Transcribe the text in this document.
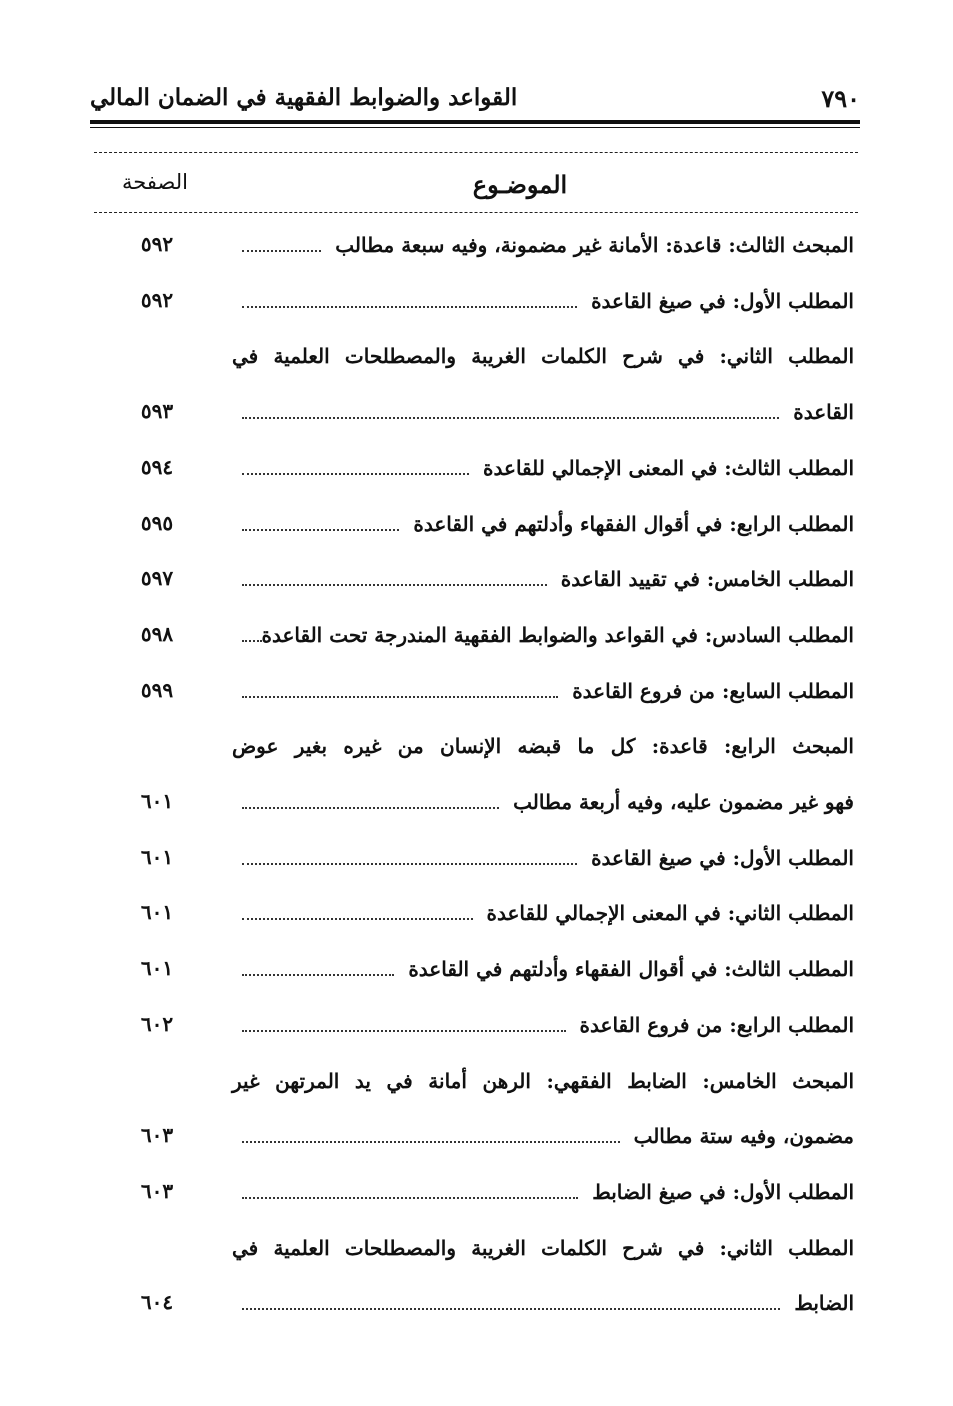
٧٩٠
القواعد والضوابط الفقهية في الضمان المالي
الموضـوع
الصفحة
المبحث الثالث: قاعدة: الأمانة غير مضمونة، وفيه سبعة مطالب
٥٩٢
المطلب الأول: في صيغ القاعدة
٥٩٢
المطلب الثاني: في شرح الكلمات الغريبة والمصطلحات العلمية في
القاعدة
٥٩٣
المطلب الثالث: في المعنى الإجمالي للقاعدة
٥٩٤
المطلب الرابع: في أقوال الفقهاء وأدلتهم في القاعدة
٥٩٥
المطلب الخامس: في تقييد القاعدة
٥٩٧
المطلب السادس: في القواعد والضوابط الفقهية المندرجة تحت القاعدة
٥٩٨
المطلب السابع: من فروع القاعدة
٥٩٩
المبحث الرابع: قاعدة: كل ما قبضه الإنسان من غيره بغير عوض
فهو غير مضمون عليه، وفيه أربعة مطالب
٦٠١
المطلب الأول: في صيغ القاعدة
٦٠١
المطلب الثاني: في المعنى الإجمالي للقاعدة
٦٠١
المطلب الثالث: في أقوال الفقهاء وأدلتهم في القاعدة
٦٠١
المطلب الرابع: من فروع القاعدة
٦٠٢
المبحث الخامس: الضابط الفقهي: الرهن أمانة في يد المرتهن غير
مضمون، وفيه ستة مطالب
٦٠٣
المطلب الأول: في صيغ الضابط
٦٠٣
المطلب الثاني: في شرح الكلمات الغريبة والمصطلحات العلمية في
الضابط
٦٠٤
